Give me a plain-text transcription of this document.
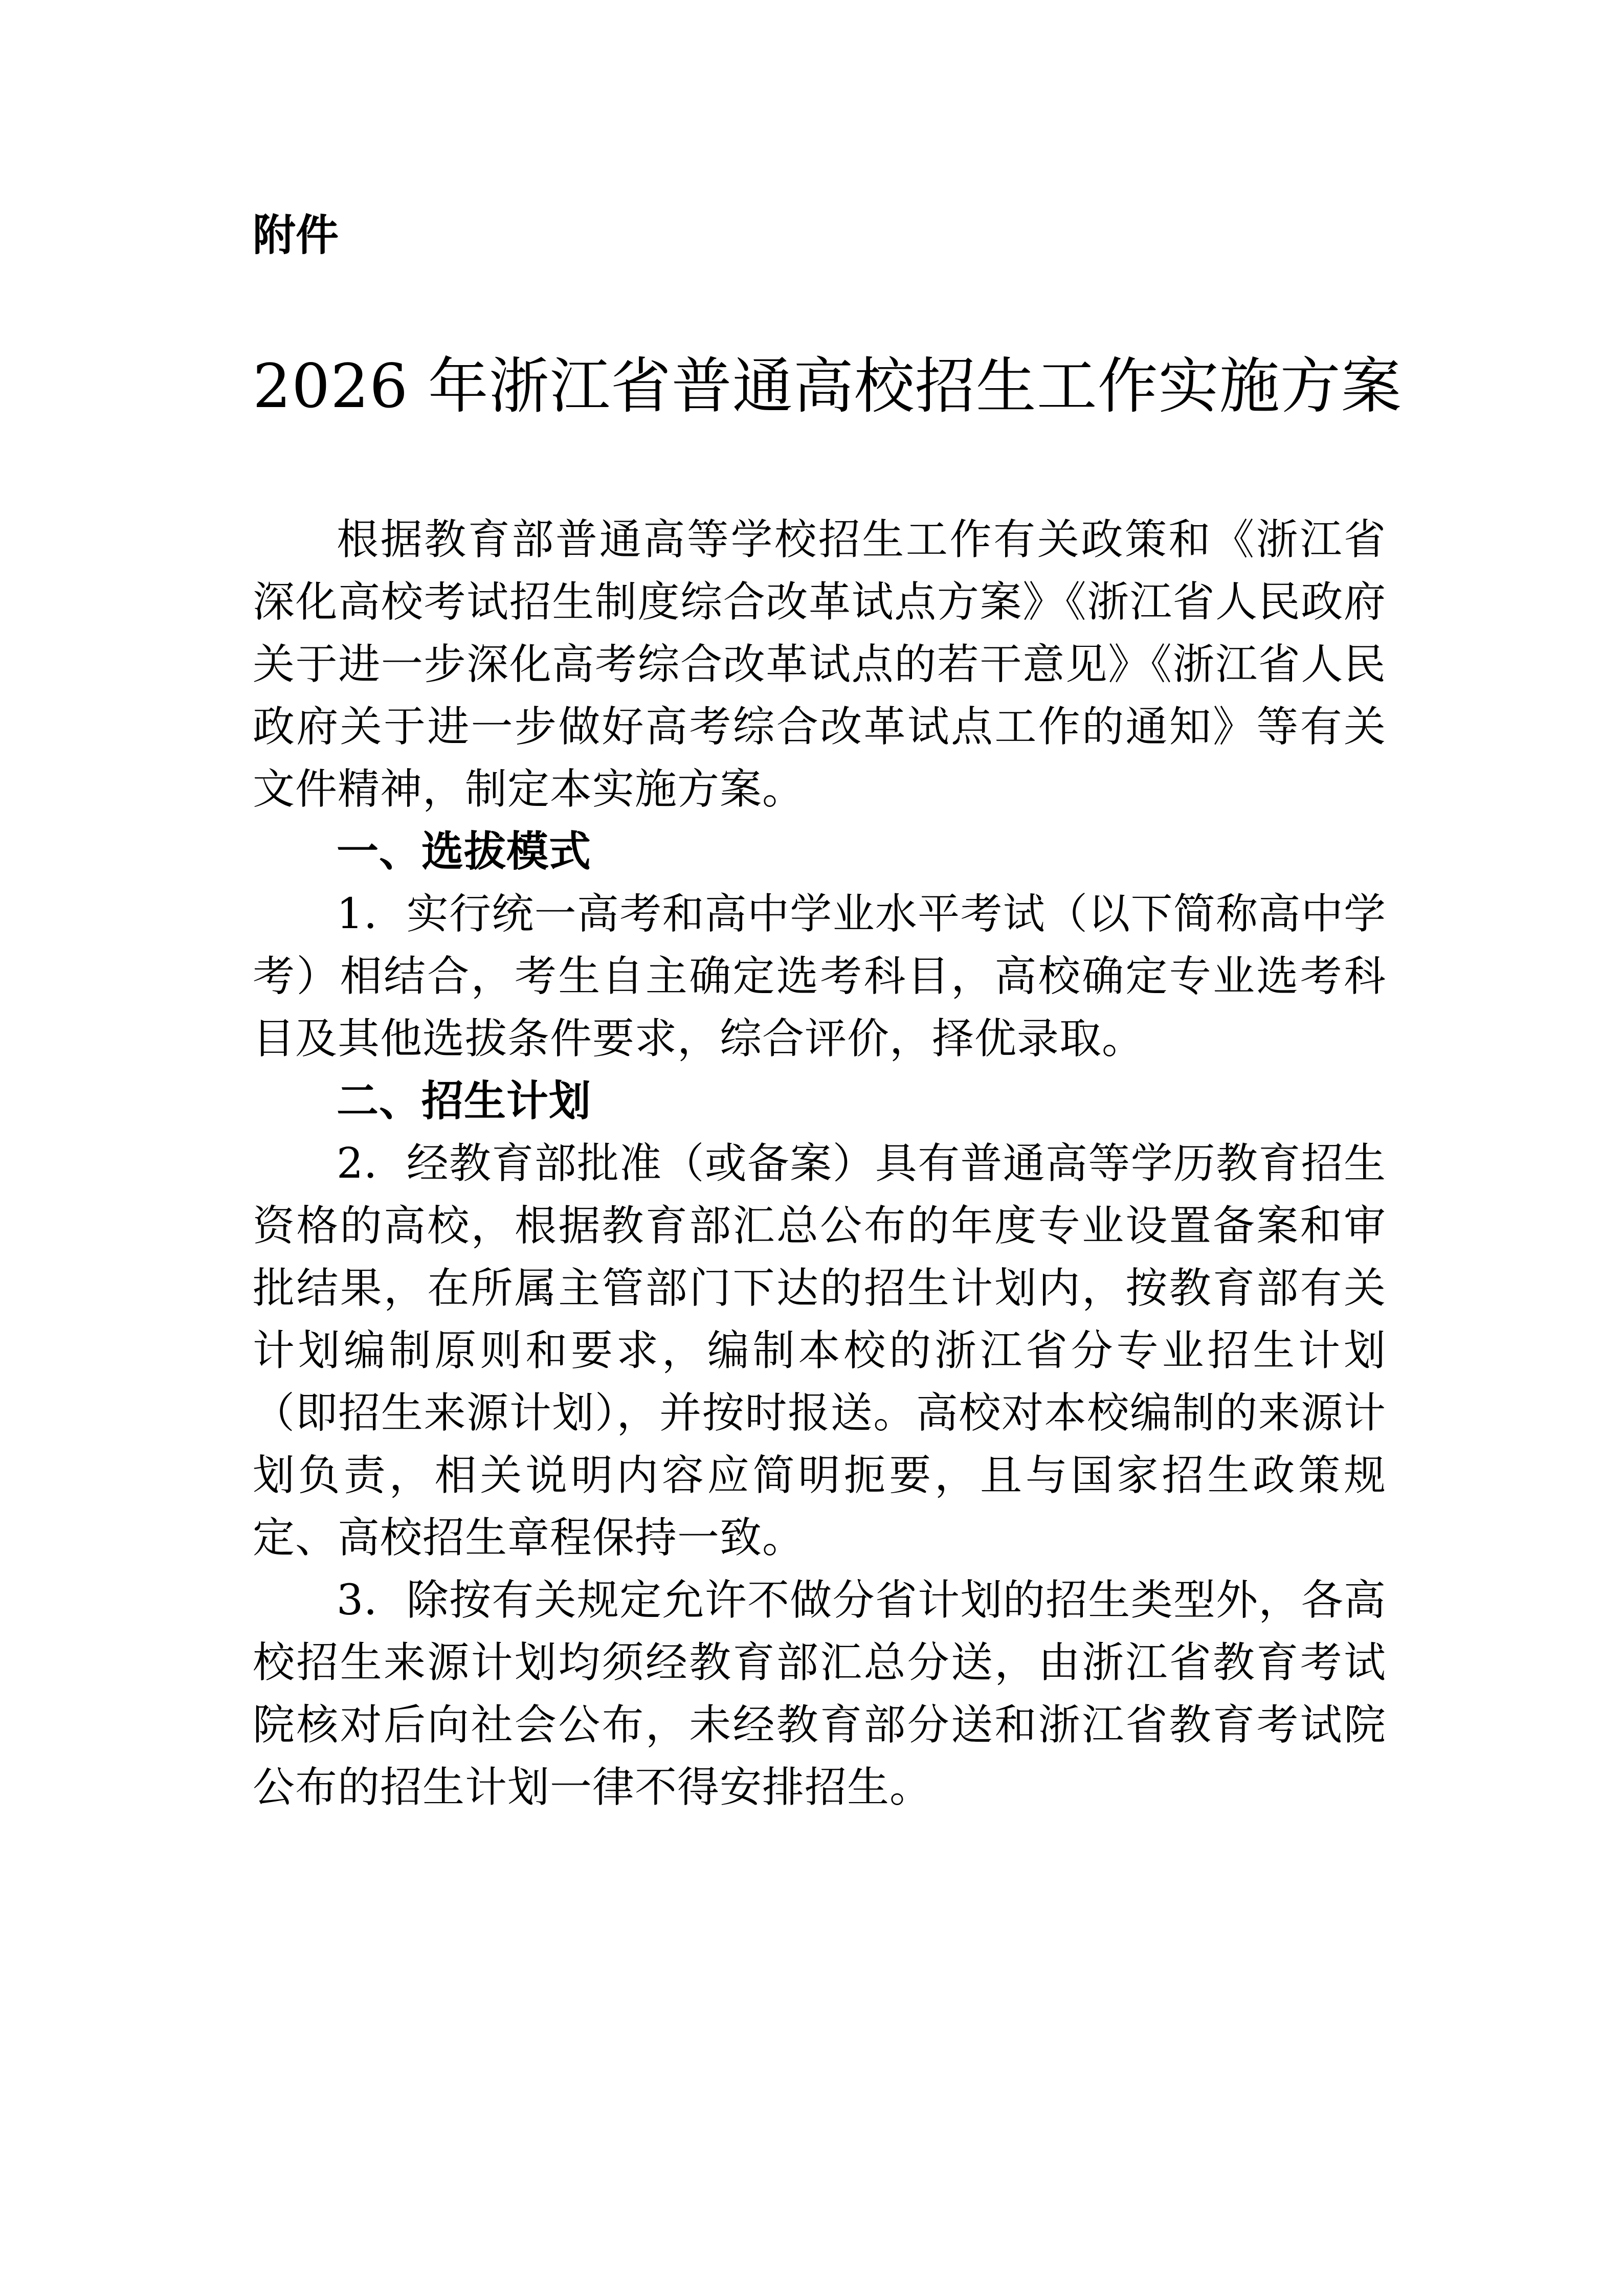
附件

2026 年浙江省普通高校招生工作实施方案

根据教育部普通高等学校招生工作有关政策和《浙江省深化高校考试招生制度综合改革试点方案》《浙江省人民政府关于进一步深化高考综合改革试点的若干意见》《浙江省人民政府关于进一步做好高考综合改革试点工作的通知》等有关文件精神，制定本实施方案。

一、选拔模式

1．实行统一高考和高中学业水平考试（以下简称高中学考）相结合，考生自主确定选考科目，高校确定专业选考科目及其他选拔条件要求，综合评价，择优录取。

二、招生计划

2．经教育部批准（或备案）具有普通高等学历教育招生资格的高校，根据教育部汇总公布的年度专业设置备案和审批结果，在所属主管部门下达的招生计划内，按教育部有关计划编制原则和要求，编制本校的浙江省分专业招生计划（即招生来源计划），并按时报送。高校对本校编制的来源计划负责，相关说明内容应简明扼要，且与国家招生政策规定、高校招生章程保持一致。

3．除按有关规定允许不做分省计划的招生类型外，各高校招生来源计划均须经教育部汇总分送，由浙江省教育考试院核对后向社会公布，未经教育部分送和浙江省教育考试院公布的招生计划一律不得安排招生。
